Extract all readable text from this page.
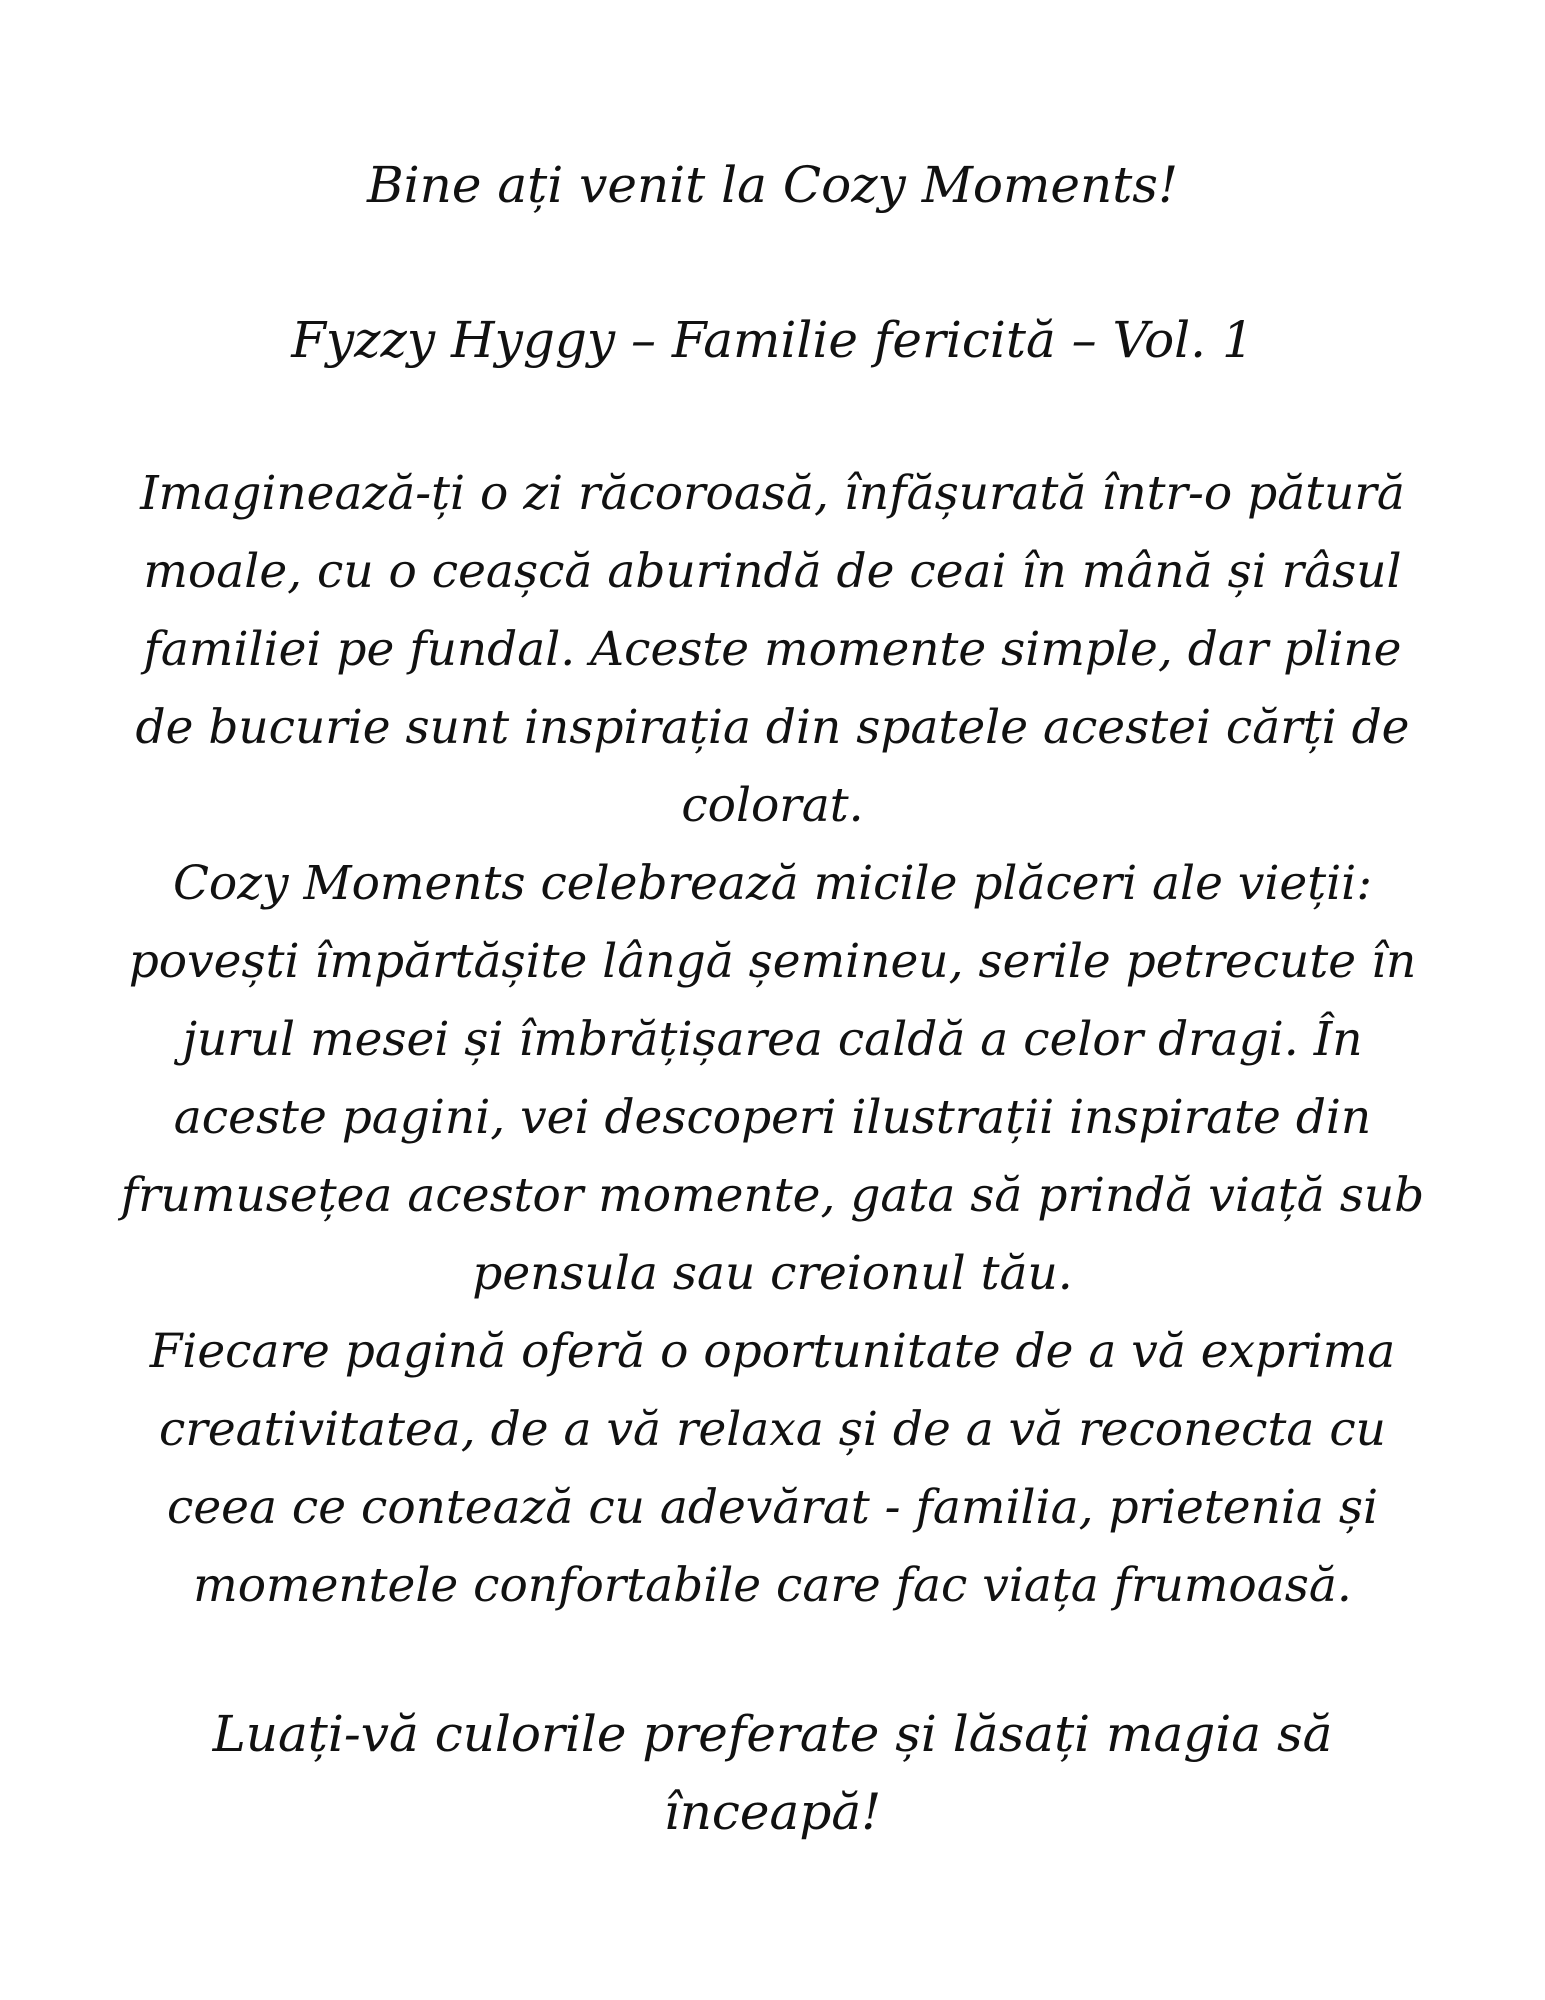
Bine ați venit la Cozy Moments!
Fyzzy Hyggy – Familie fericită – Vol. 1

Imaginează-ți o zi răcoroasă, înfășurată într-o pătură moale, cu o ceașcă aburindă de ceai în mână și râsul familiei pe fundal. Aceste momente simple, dar pline de bucurie sunt inspirația din spatele acestei cărți de colorat.

Cozy Moments celebrează micile plăceri ale vieții: povești împărtășite lângă șemineu, serile petrecute în jurul mesei și îmbrățișarea caldă a celor dragi. În aceste pagini, vei descoperi ilustrații inspirate din frumusețea acestor momente, gata să prindă viață sub pensula sau creionul tău.

Fiecare pagină oferă o oportunitate de a vă exprima creativitatea, de a vă relaxa și de a vă reconecta cu ceea ce contează cu adevărat - familia, prietenia și momentele confortabile care fac viața frumoasă.

Luați-vă culorile preferate și lăsați magia să înceapă!
